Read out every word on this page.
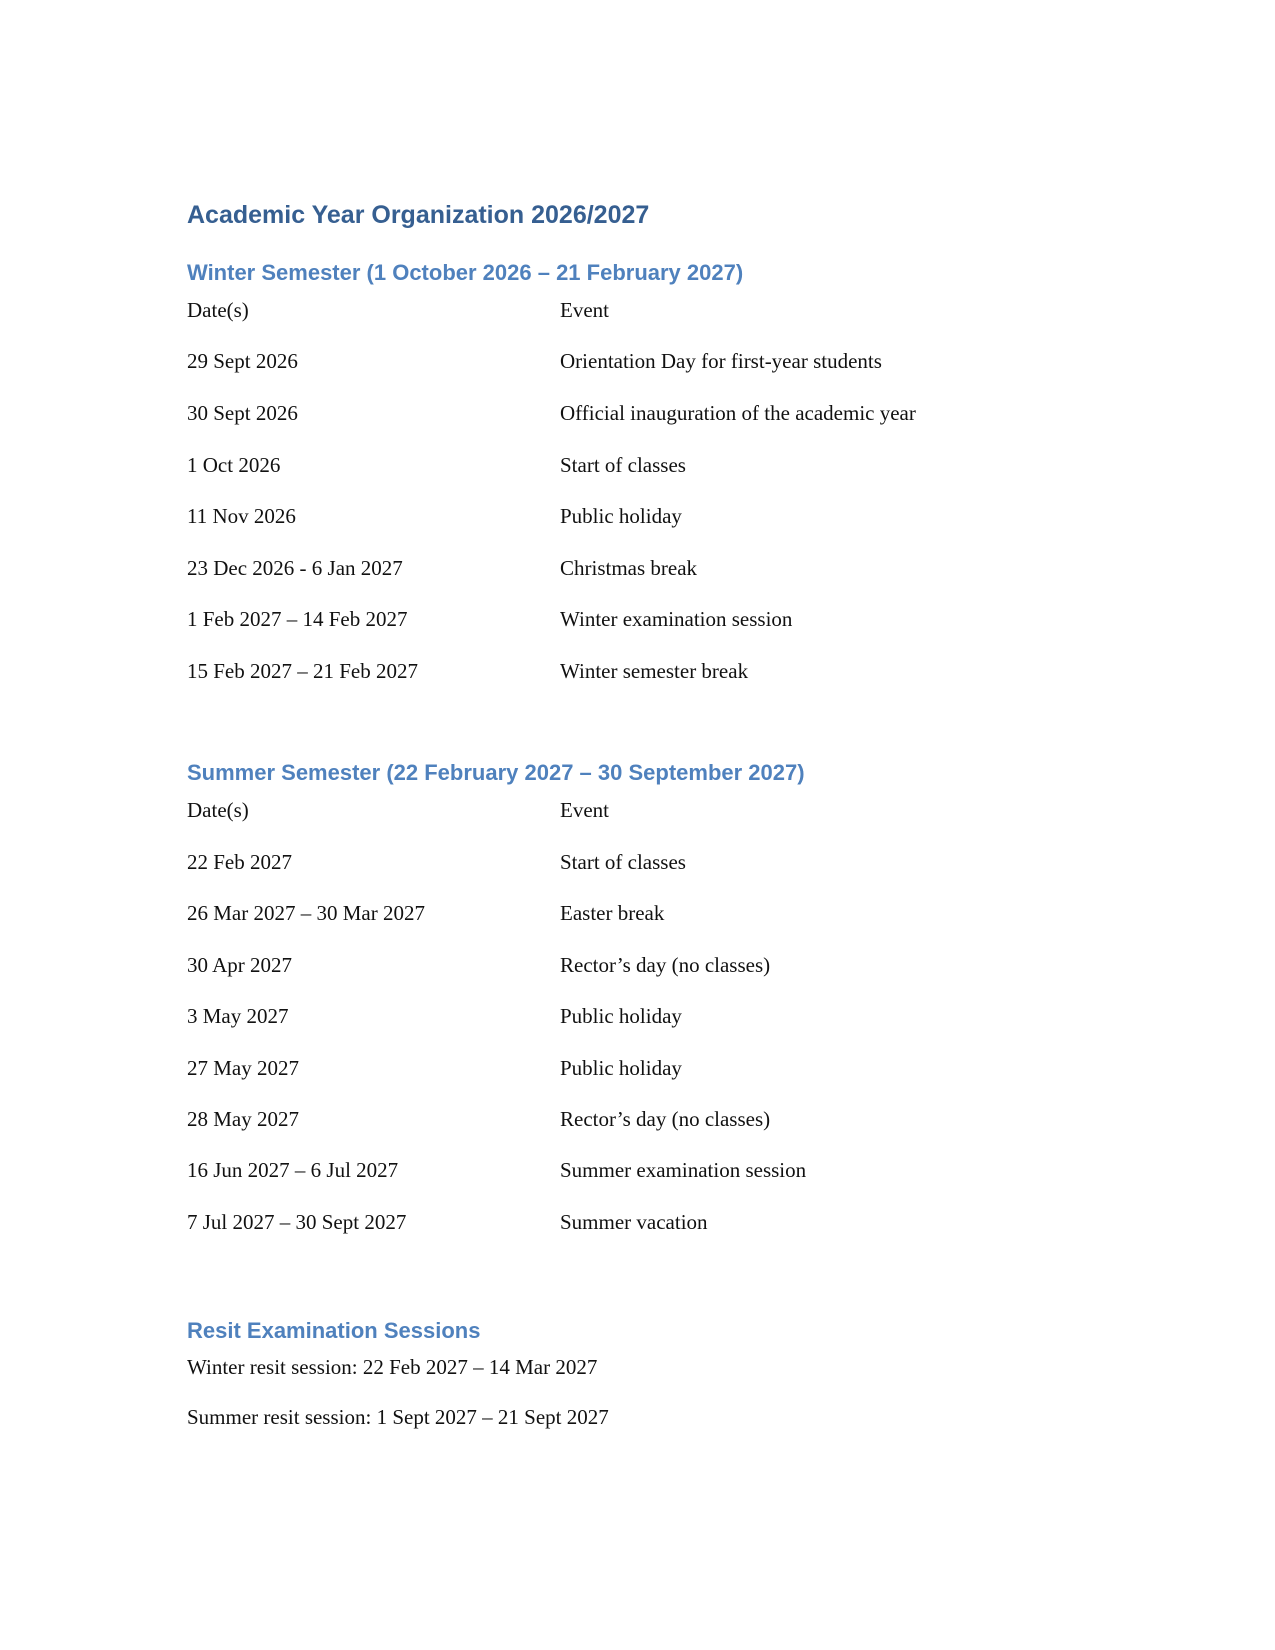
Academic Year Organization 2026/2027
Winter Semester (1 October 2026 – 21 February 2027)
Date(s)	Event
29 Sept 2026	Orientation Day for first-year students
30 Sept 2026	Official inauguration of the academic year
1 Oct 2026	Start of classes
11 Nov 2026	Public holiday
23 Dec 2026 - 6 Jan 2027	Christmas break
1 Feb 2027 – 14 Feb 2027	Winter examination session
15 Feb 2027 – 21 Feb 2027	Winter semester break
Summer Semester (22 February 2027 – 30 September 2027)
Date(s)	Event
22 Feb 2027	Start of classes
26 Mar 2027 – 30 Mar 2027	Easter break
30 Apr 2027	Rector’s day (no classes)
3 May 2027	Public holiday
27 May 2027	Public holiday
28 May 2027	Rector’s day (no classes)
16 Jun 2027 – 6 Jul 2027	Summer examination session
7 Jul 2027 – 30 Sept 2027	Summer vacation
Resit Examination Sessions
Winter resit session: 22 Feb 2027 – 14 Mar 2027
Summer resit session: 1 Sept 2027 – 21 Sept 2027
